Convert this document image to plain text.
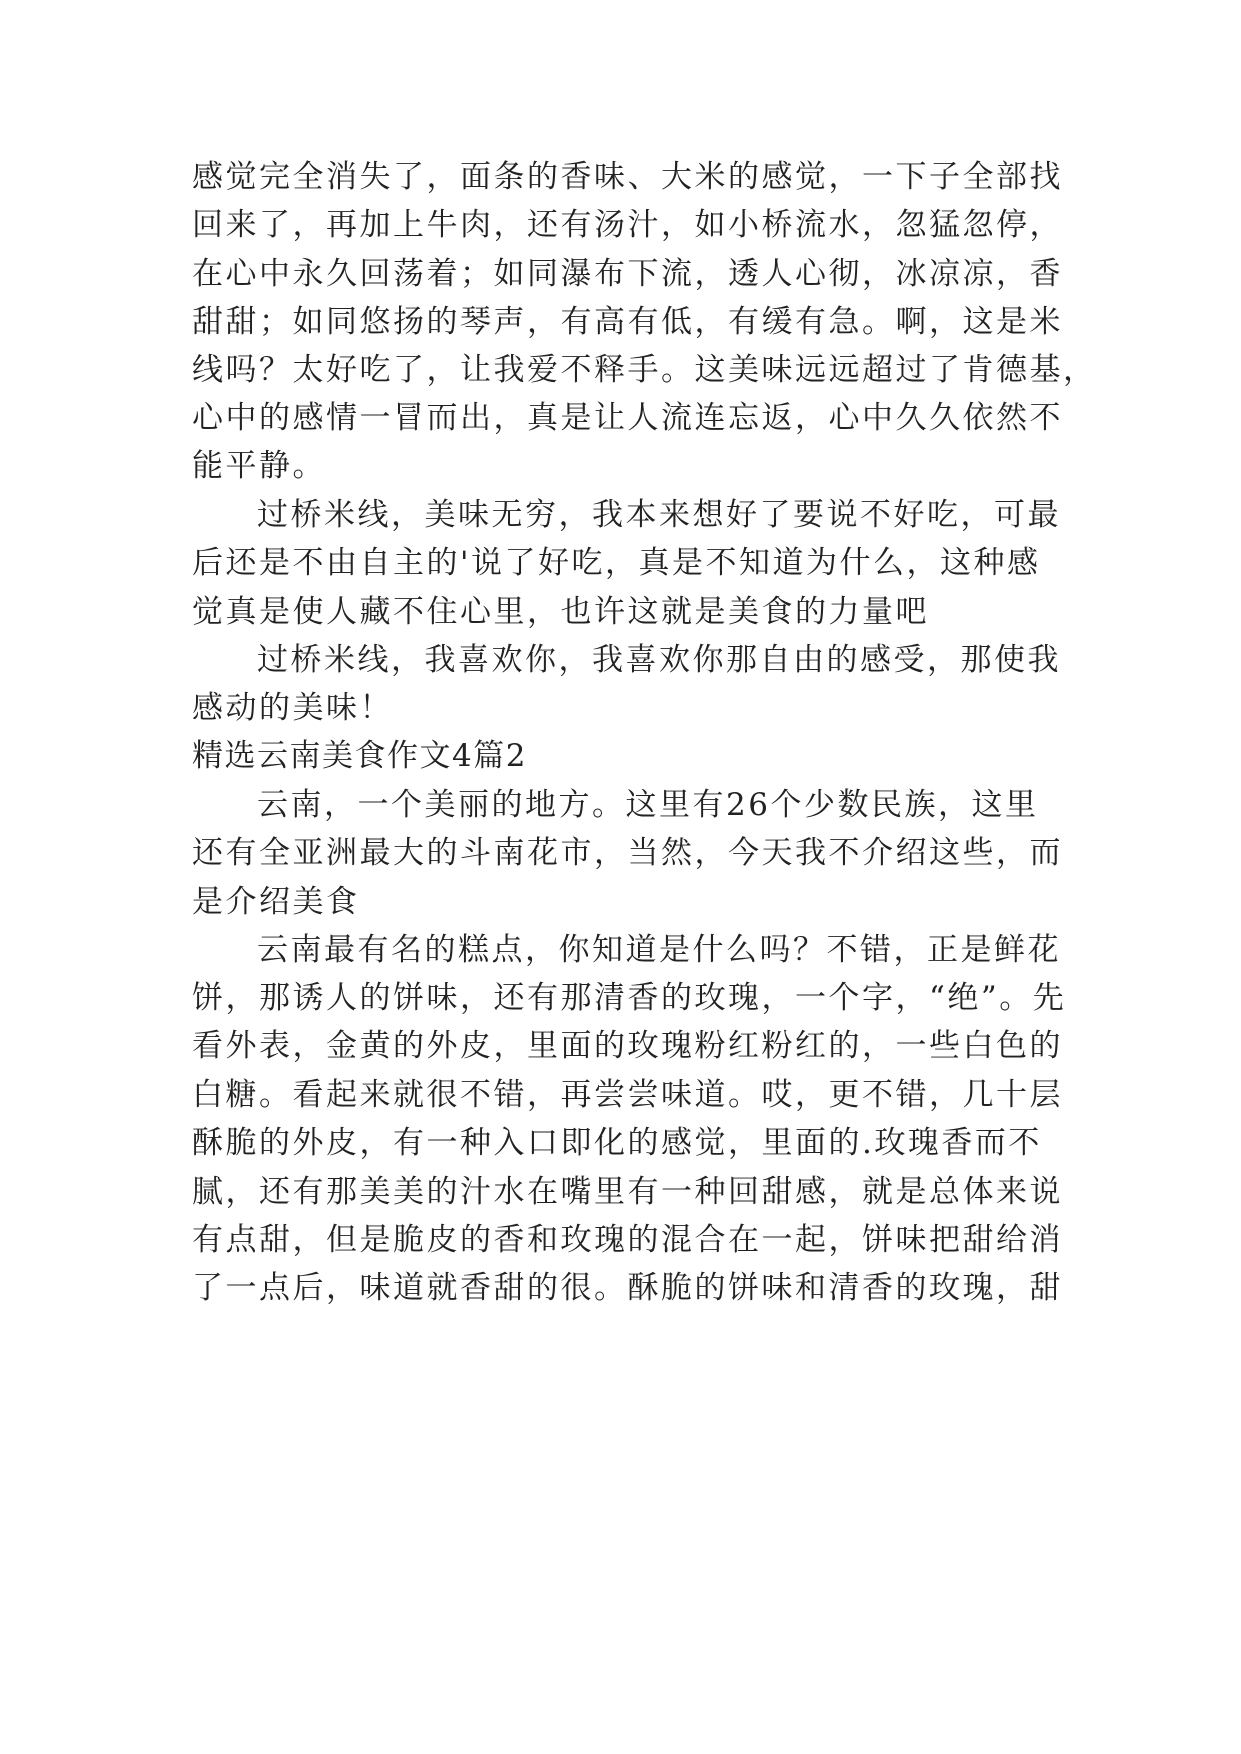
感觉完全消失了，面条的香味、大米的感觉，一下子全部找
回来了，再加上牛肉，还有汤汁，如小桥流水，忽猛忽停，
在心中永久回荡着；如同瀑布下流，透人心彻，冰凉凉，香
甜甜；如同悠扬的琴声，有高有低，有缓有急。啊，这是米
线吗？太好吃了，让我爱不释手。这美味远远超过了肯德基，
心中的感情一冒而出，真是让人流连忘返，心中久久依然不
能平静。
过桥米线，美味无穷，我本来想好了要说不好吃，可最
后还是不由自主的'说了好吃，真是不知道为什么，这种感
觉真是使人藏不住心里，也许这就是美食的力量吧
过桥米线，我喜欢你，我喜欢你那自由的感受，那使我
感动的美味！
精选云南美食作文4篇2
云南，一个美丽的地方。这里有26个少数民族，这里
还有全亚洲最大的斗南花市，当然，今天我不介绍这些，而
是介绍美食
云南最有名的糕点，你知道是什么吗？不错，正是鲜花
饼，那诱人的饼味，还有那清香的玫瑰，一个字，“绝”。先
看外表，金黄的外皮，里面的玫瑰粉红粉红的，一些白色的
白糖。看起来就很不错，再尝尝味道。哎，更不错，几十层
酥脆的外皮，有一种入口即化的感觉，里面的.玫瑰香而不
腻，还有那美美的汁水在嘴里有一种回甜感，就是总体来说
有点甜，但是脆皮的香和玫瑰的混合在一起，饼味把甜给消
了一点后，味道就香甜的很。酥脆的饼味和清香的玫瑰，甜
